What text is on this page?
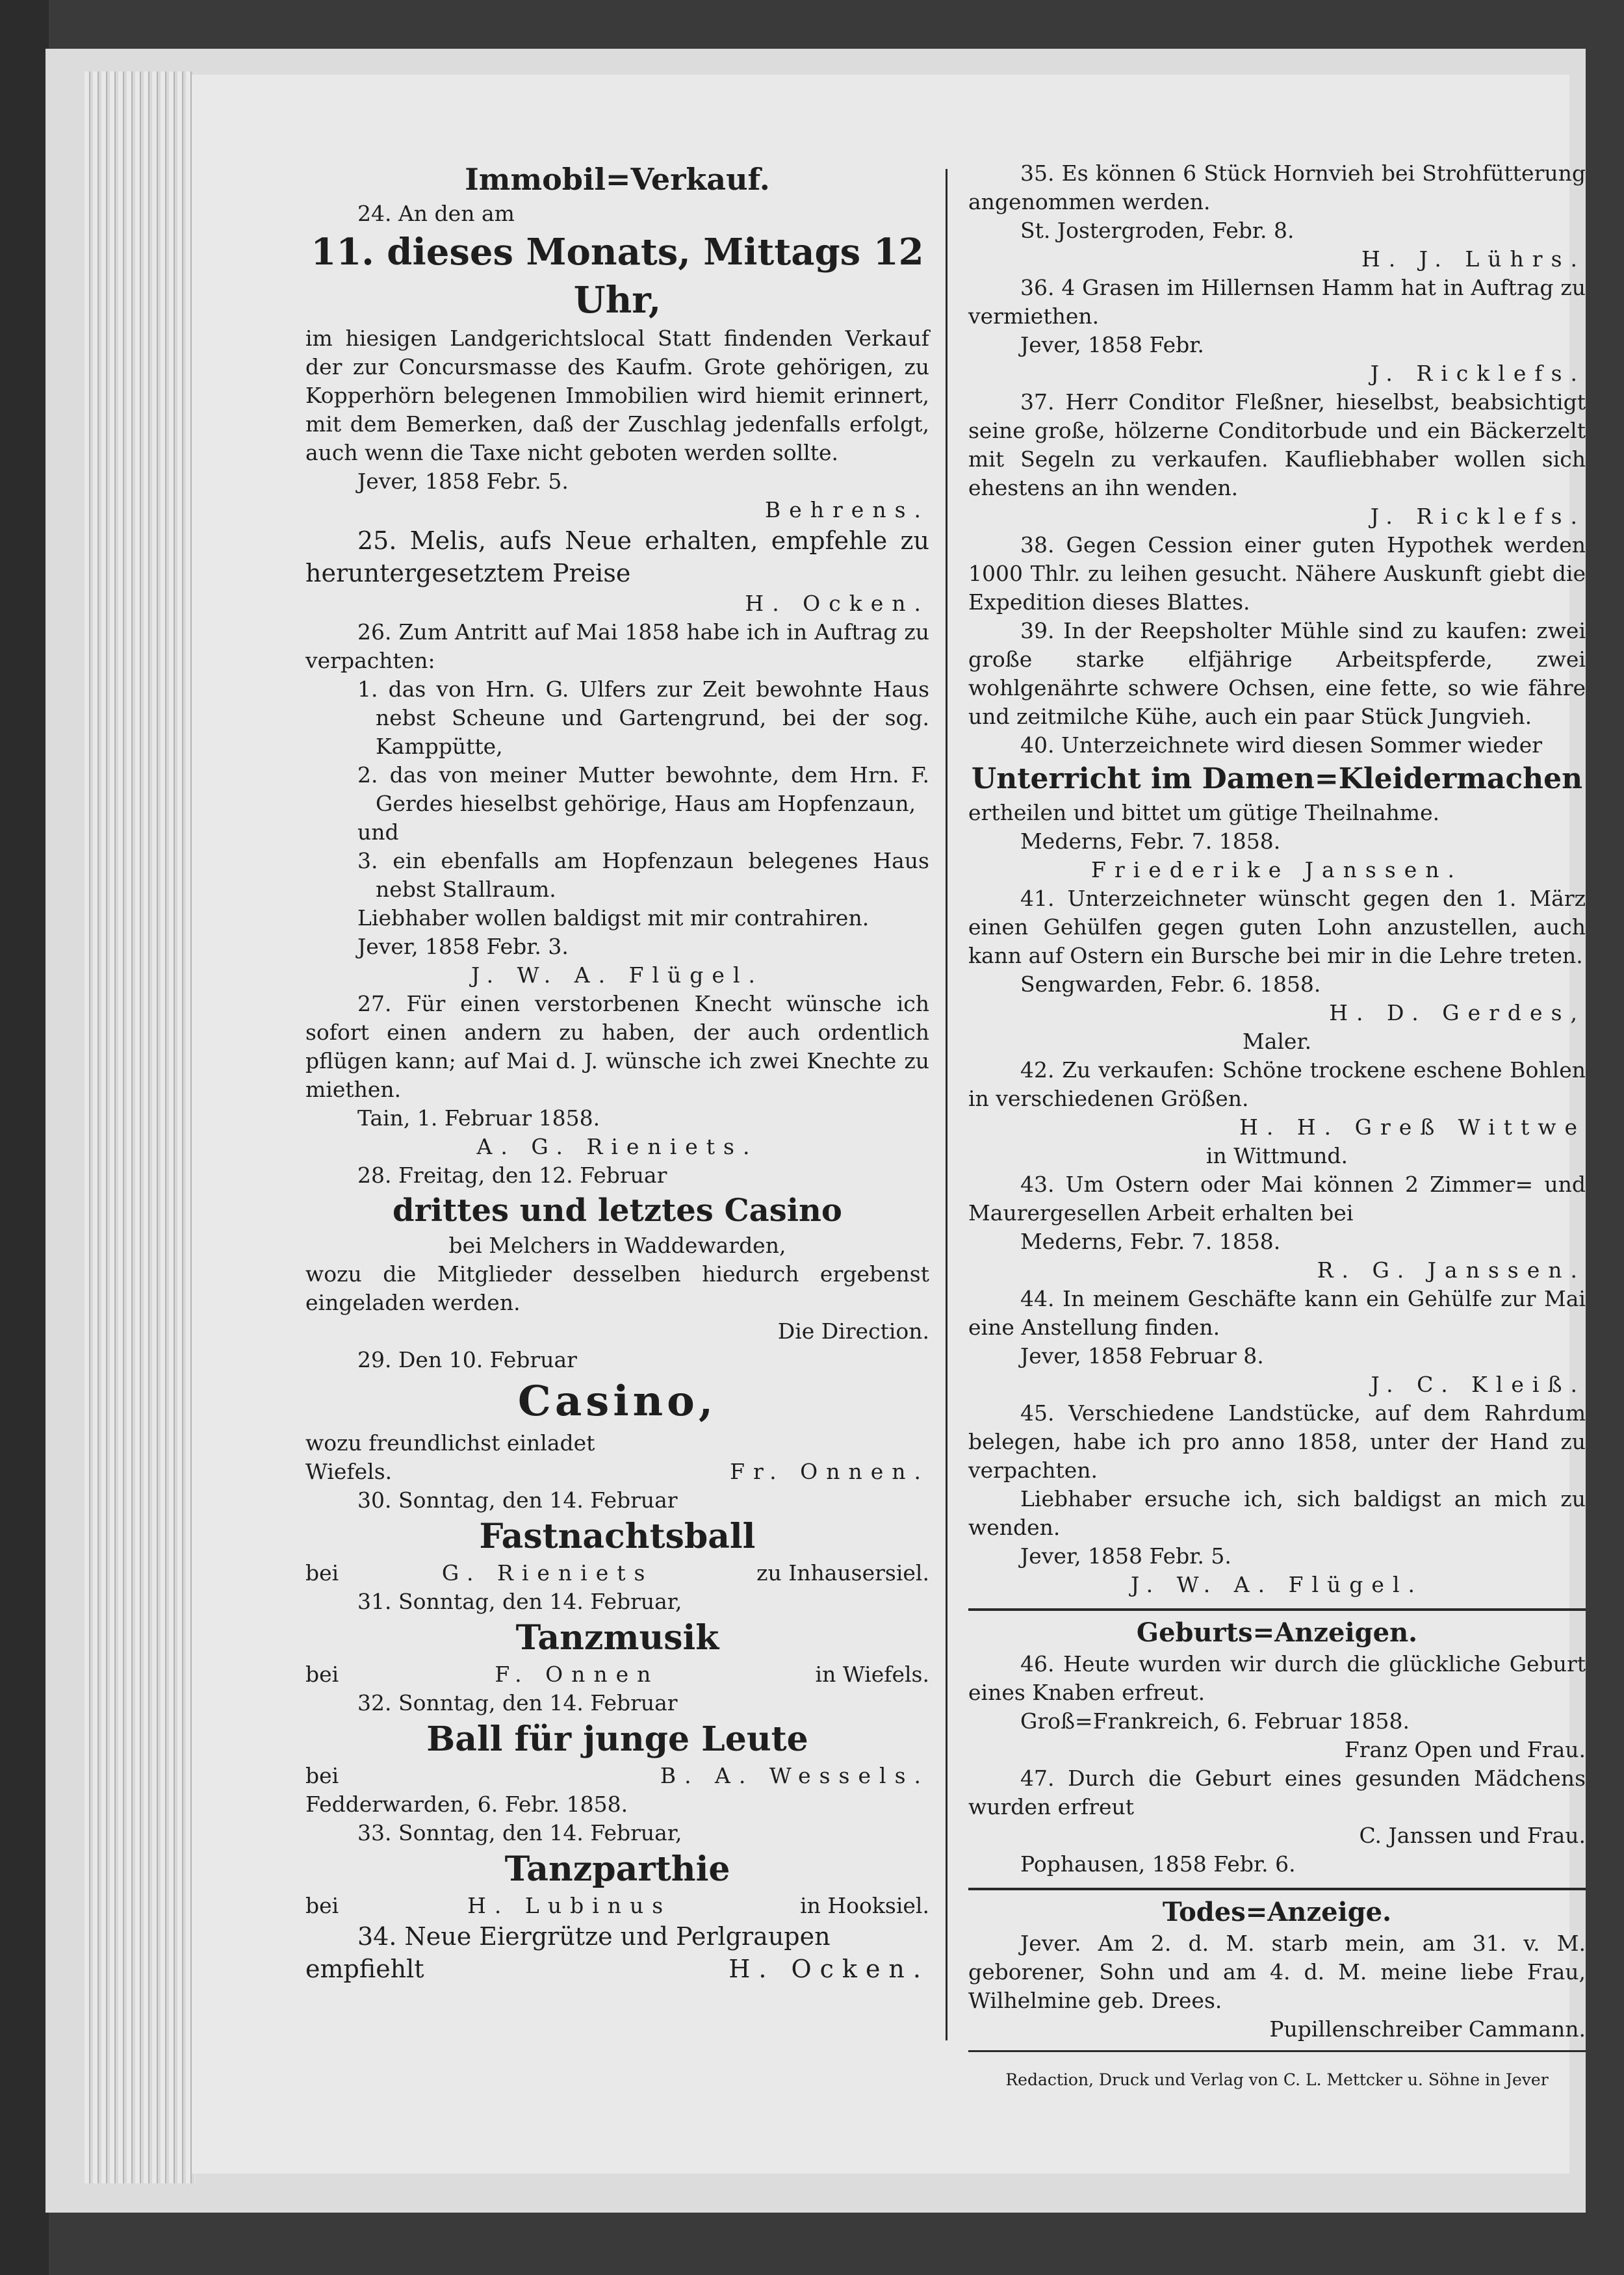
Immobil=Verkauf.

24. An den am

11. dieses Monats, Mittags 12 Uhr,

im hiesigen Landgerichtslocal Statt findenden Verkauf der zur Concursmasse des Kaufm. Grote gehörigen, zu Kopperhörn belegenen Immobilien wird hiemit erinnert, mit dem Bemerken, daß der Zuschlag jedenfalls erfolgt, auch wenn die Taxe nicht geboten werden sollte.

Jever, 1858 Febr. 5.

Behrens.

25. Melis, aufs Neue erhalten, empfehle zu heruntergesetztem Preise

H. Ocken.

26. Zum Antritt auf Mai 1858 habe ich in Auftrag zu verpachten:

1. das von Hrn. G. Ulfers zur Zeit bewohnte Haus nebst Scheune und Gartengrund, bei der sog. Kamppütte,

2. das von meiner Mutter bewohnte, dem Hrn. F. Gerdes hieselbst gehörige, Haus am Hopfenzaun,

und

3. ein ebenfalls am Hopfenzaun belegenes Haus nebst Stallraum.

Liebhaber wollen baldigst mit mir contrahiren.

Jever, 1858 Febr. 3.

J. W. A. Flügel.

27. Für einen verstorbenen Knecht wünsche ich sofort einen andern zu haben, der auch ordentlich pflügen kann; auf Mai d. J. wünsche ich zwei Knechte zu miethen.

Tain, 1. Februar 1858.

A. G. Rieniets.

28. Freitag, den 12. Februar

drittes und letztes Casino

bei Melchers in Waddewarden,

wozu die Mitglieder desselben hiedurch ergebenst eingeladen werden.

Die Direction.

29. Den 10. Februar

Casino,

wozu freundlichst einladet

Wiefels.	Fr. Onnen.

30. Sonntag, den 14. Februar

Fastnachtsball

bei	G. Rieniets	zu Inhausersiel.

31. Sonntag, den 14. Februar,

Tanzmusik

bei	F. Onnen	in Wiefels.

32. Sonntag, den 14. Februar

Ball für junge Leute

bei	B. A. Wessels.

Fedderwarden, 6. Febr. 1858.

33. Sonntag, den 14. Februar,

Tanzparthie

bei	H. Lubinus	in Hooksiel.

34. Neue Eiergrütze und Perlgraupen

empfiehlt	H. Ocken.

35. Es können 6 Stück Hornvieh bei Strohfütterung angenommen werden.

St. Jostergroden, Febr. 8.

H. J. Lührs.

36. 4 Grasen im Hillernsen Hamm hat in Auftrag zu vermiethen.

Jever, 1858 Febr.

J. Ricklefs.

37. Herr Conditor Fleßner, hieselbst, beabsichtigt seine große, hölzerne Conditorbude und ein Bäckerzelt mit Segeln zu verkaufen. Kaufliebhaber wollen sich ehestens an ihn wenden.

J. Ricklefs.

38. Gegen Cession einer guten Hypothek werden 1000 Thlr. zu leihen gesucht. Nähere Auskunft giebt die Expedition dieses Blattes.

39. In der Reepsholter Mühle sind zu kaufen: zwei große starke elfjährige Arbeitspferde, zwei wohlgenährte schwere Ochsen, eine fette, so wie fähre und zeitmilche Kühe, auch ein paar Stück Jungvieh.

40. Unterzeichnete wird diesen Sommer wieder

Unterricht im Damen=Kleidermachen

ertheilen und bittet um gütige Theilnahme.

Mederns, Febr. 7. 1858.

Friederike Janssen.

41. Unterzeichneter wünscht gegen den 1. März einen Gehülfen gegen guten Lohn anzustellen, auch kann auf Ostern ein Bursche bei mir in die Lehre treten.

Sengwarden, Febr. 6. 1858.

H. D. Gerdes,

Maler.

42. Zu verkaufen: Schöne trockene eschene Bohlen in verschiedenen Größen.

H. H. Greß Wittwe

in Wittmund.

43. Um Ostern oder Mai können 2 Zimmer= und Maurergesellen Arbeit erhalten bei

Mederns, Febr. 7. 1858.

R. G. Janssen.

44. In meinem Geschäfte kann ein Gehülfe zur Mai eine Anstellung finden.

Jever, 1858 Februar 8.

J. C. Kleiß.

45. Verschiedene Landstücke, auf dem Rahrdum belegen, habe ich pro anno 1858, unter der Hand zu verpachten.

Liebhaber ersuche ich, sich baldigst an mich zu wenden.

Jever, 1858 Febr. 5.

J. W. A. Flügel.

Geburts=Anzeigen.

46. Heute wurden wir durch die glückliche Geburt eines Knaben erfreut.

Groß=Frankreich, 6. Februar 1858.

Franz Open und Frau.

47. Durch die Geburt eines gesunden Mädchens wurden erfreut

C. Janssen und Frau.

Pophausen, 1858 Febr. 6.

Todes=Anzeige.

Jever. Am 2. d. M. starb mein, am 31. v. M. geborener, Sohn und am 4. d. M. meine liebe Frau, Wilhelmine geb. Drees.

Pupillenschreiber Cammann.

Redaction, Druck und Verlag von C. L. Mettcker u. Söhne in Jever
